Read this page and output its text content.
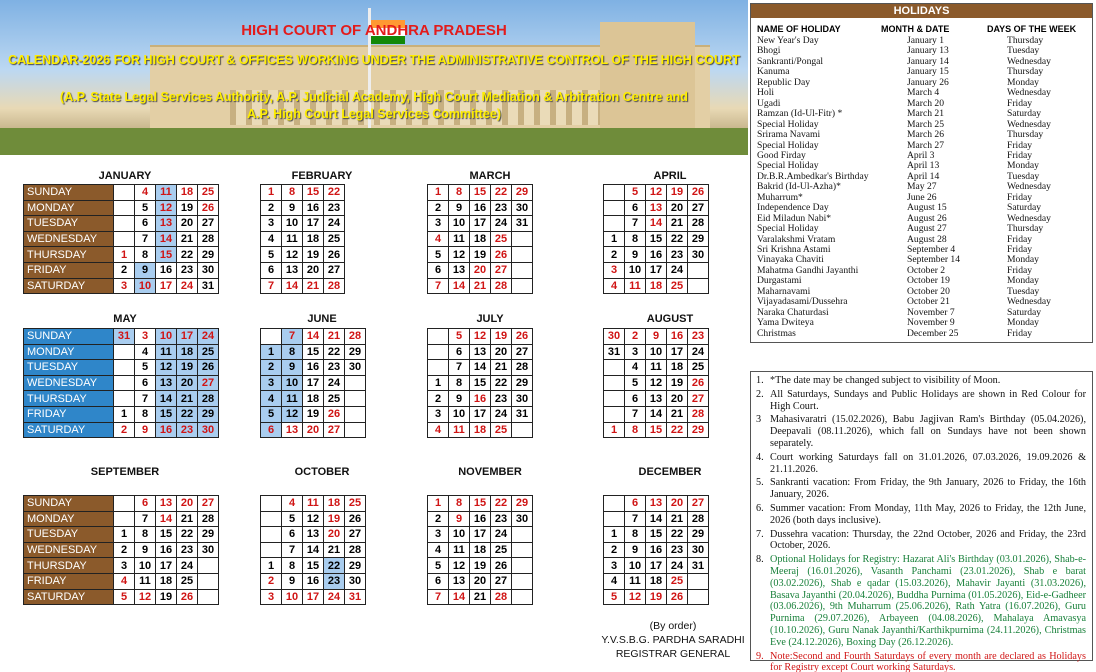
HIGH COURT OF ANDHRA PRADESH
CALENDAR-2026 FOR HIGH COURT & OFFICES WORKING UNDER THE ADMINISTRATIVE CONTROL OF THE HIGH COURT
(A.P. State Legal Services Authority, A.P. Judicial Academy, High Court Mediation & Arbitration Centre and
A.P. High Court Legal Services Committee)
JANUARY
SUNDAY		4	11	18	25
MONDAY		5	12	19	26
TUESDAY		6	13	20	27
WEDNESDAY		7	14	21	28
THURSDAY	1	8	15	22	29
FRIDAY	2	9	16	23	30
SATURDAY	3	10	17	24	31
FEBRUARY
1	8	15	22
2	9	16	23
3	10	17	24
4	11	18	25
5	12	19	26
6	13	20	27
7	14	21	28
MARCH
1	8	15	22	29
2	9	16	23	30
3	10	17	24	31
4	11	18	25	
5	12	19	26	
6	13	20	27	
7	14	21	28	
APRIL
	5	12	19	26
	6	13	20	27
	7	14	21	28
1	8	15	22	29
2	9	16	23	30
3	10	17	24	
4	11	18	25	
MAY
SUNDAY	31	3	10	17	24
MONDAY		4	11	18	25
TUESDAY		5	12	19	26
WEDNESDAY		6	13	20	27
THURSDAY		7	14	21	28
FRIDAY	1	8	15	22	29
SATURDAY	2	9	16	23	30
JUNE
	7	14	21	28
1	8	15	22	29
2	9	16	23	30
3	10	17	24	
4	11	18	25	
5	12	19	26	
6	13	20	27	
JULY
	5	12	19	26
	6	13	20	27
	7	14	21	28
1	8	15	22	29
2	9	16	23	30
3	10	17	24	31
4	11	18	25	
AUGUST
30	2	9	16	23
31	3	10	17	24
	4	11	18	25
	5	12	19	26
	6	13	20	27
	7	14	21	28
1	8	15	22	29
SEPTEMBER
SUNDAY		6	13	20	27
MONDAY		7	14	21	28
TUESDAY	1	8	15	22	29
WEDNESDAY	2	9	16	23	30
THURSDAY	3	10	17	24	
FRIDAY	4	11	18	25	
SATURDAY	5	12	19	26	
OCTOBER
	4	11	18	25
	5	12	19	26
	6	13	20	27
	7	14	21	28
1	8	15	22	29
2	9	16	23	30
3	10	17	24	31
NOVEMBER
1	8	15	22	29
2	9	16	23	30
3	10	17	24	
4	11	18	25	
5	12	19	26	
6	13	20	27	
7	14	21	28	
DECEMBER
	6	13	20	27
	7	14	21	28
1	8	15	22	29
2	9	16	23	30
3	10	17	24	31
4	11	18	25	
5	12	19	26	
HOLIDAYS
NAME OF HOLIDAY	MONTH & DATE	DAYS OF THE WEEK
New Year's Day	January 1	Thursday
Bhogi	January 13	Tuesday
Sankranti/Pongal	January 14	Wednesday
Kanuma	January 15	Thursday
Republic Day	January 26	Monday
Holi	March 4	Wednesday
Ugadi	March 20	Friday
Ramzan (Id-Ul-Fitr) *	March 21	Saturday
Special Holiday	March 25	Wednesday
Srirama Navami	March 26	Thursday
Special Holiday	March 27	Friday
Good Firday	April 3	Friday
Special Holiday	April 13	Monday
Dr.B.R.Ambedkar's Birthday	April 14	Tuesday
Bakrid (Id-Ul-Azha)*	May 27	Wednesday
Muharrum*	June 26	Friday
Independence Day	August 15	Saturday
Eid Miladun Nabi*	August 26	Wednesday
Special Holiday	August 27	Thursday
Varalakshmi Vratam	August 28	Friday
Sri Krishna Astami	September 4	Friday
Vinayaka Chaviti	September 14	Monday
Mahatma Gandhi Jayanthi	October 2	Friday
Durgastami	October 19	Monday
Maharnavami	October 20	Tuesday
Vijayadasami/Dussehra	October 21	Wednesday
Naraka Chaturdasi	November 7	Saturday
Yama Dwiteya	November 9	Monday
Christmas	December 25	Friday
1. *The date may be changed subject to visibility of Moon.
2. All Saturdays, Sundays and Public Holidays are shown in Red Colour for High Court.
3 Mahasivaratri (15.02.2026), Babu Jagjivan Ram's Birthday (05.04.2026), Deepavali (08.11.2026), which fall on Sundays have not been shown separately.
4. Court working Saturdays fall on 31.01.2026, 07.03.2026, 19.09.2026 & 21.11.2026.
5. Sankranti vacation: From Friday, the 9th January, 2026 to Friday, the 16th January, 2026.
6. Summer vacation: From Monday, 11th May, 2026 to Friday, the 12th June, 2026 (both days inclusive).
7. Dussehra vacation: Thursday, the 22nd October, 2026 and Friday, the 23rd October, 2026.
8. Optional Holidays for Registry: Hazarat Ali's Birthday (03.01.2026), Shab-e-Meeraj (16.01.2026), Vasanth Panchami (23.01.2026), Shab e barat (03.02.2026), Shab e qadar (15.03.2026), Mahavir Jayanti (31.03.2026), Basava Jayanthi (20.04.2026), Buddha Purnima (01.05.2026), Eid-e-Gadheer (03.06.2026), 9th Muharrum (25.06.2026), Rath Yatra (16.07.2026), Guru Purnima (29.07.2026), Arbayeen (04.08.2026), Mahalaya Amavasya (10.10.2026), Guru Nanak Jayanthi/Karthikpurnima (24.11.2026), Christmas Eve (24.12.2026), Boxing Day (26.12.2026).
9. Note:Second and Fourth Saturdays of every month are declared as Holidays for Registry except Court working Saturdays.
(By order)
Y.V.S.B.G. PARDHA SARADHI
REGISTRAR GENERAL
